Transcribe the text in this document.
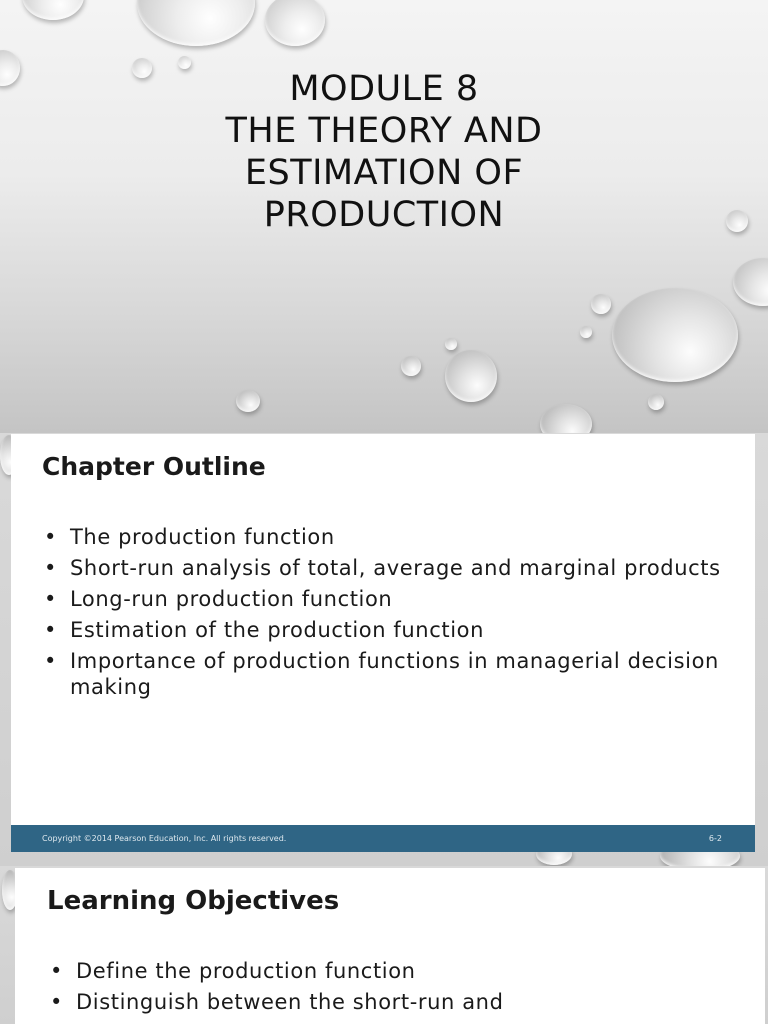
MODULE 8
THE THEORY AND
ESTIMATION OF
PRODUCTION
Chapter Outline
• The production function
• Short-run analysis of total, average and marginal products
• Long-run production function
• Estimation of the production function
• Importance of production functions in managerial decision making
Copyright ©2014 Pearson Education, Inc. All rights reserved.	6-2
Learning Objectives
• Define the production function
• Distinguish between the short-run and
